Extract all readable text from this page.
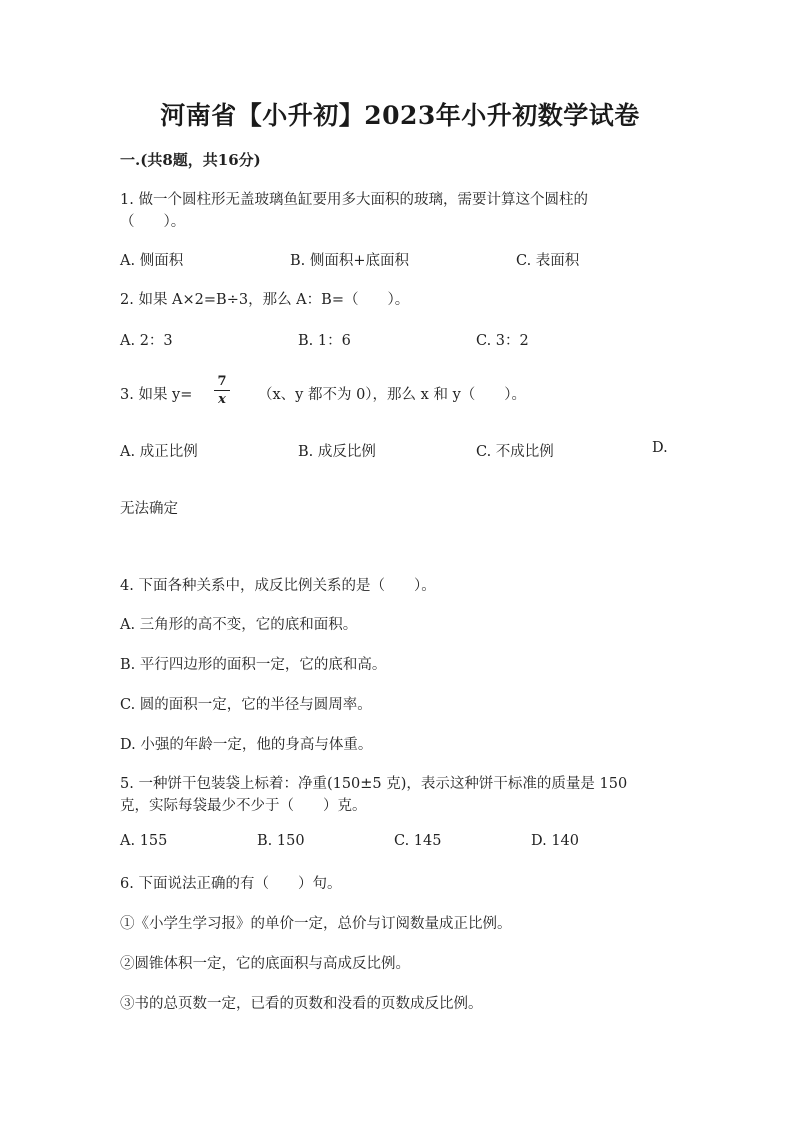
河南省【小升初】2023年小升初数学试卷
一.(共8题，共16分)
1. 做一个圆柱形无盖玻璃鱼缸要用多大面积的玻璃，需要计算这个圆柱的
（　　）。
A. 侧面积	B. 侧面积+底面积	C. 表面积
2. 如果 A×2=B÷3，那么 A：B=（　　）。
A. 2：3	B. 1：6	C. 3：2
3. 如果 y=
7
x （x、y 都不为 0），那么 x 和 y（　　）。
A. 成正比例	B. 成反比例	C. 不成比例	D.
无法确定
4. 下面各种关系中，成反比例关系的是（　　）。
A. 三角形的高不变，它的底和面积。
B. 平行四边形的面积一定，它的底和高。
C. 圆的面积一定，它的半径与圆周率。
D. 小强的年龄一定，他的身高与体重。
5. 一种饼干包装袋上标着：净重(150±5 克)，表示这种饼干标准的质量是 150
克，实际每袋最少不少于（　　）克。
A. 155	B. 150	C. 145	D. 140
6. 下面说法正确的有（　　）句。
①《小学生学习报》的单价一定，总价与订阅数量成正比例。
②圆锥体积一定，它的底面积与高成反比例。
③书的总页数一定，已看的页数和没看的页数成反比例。
